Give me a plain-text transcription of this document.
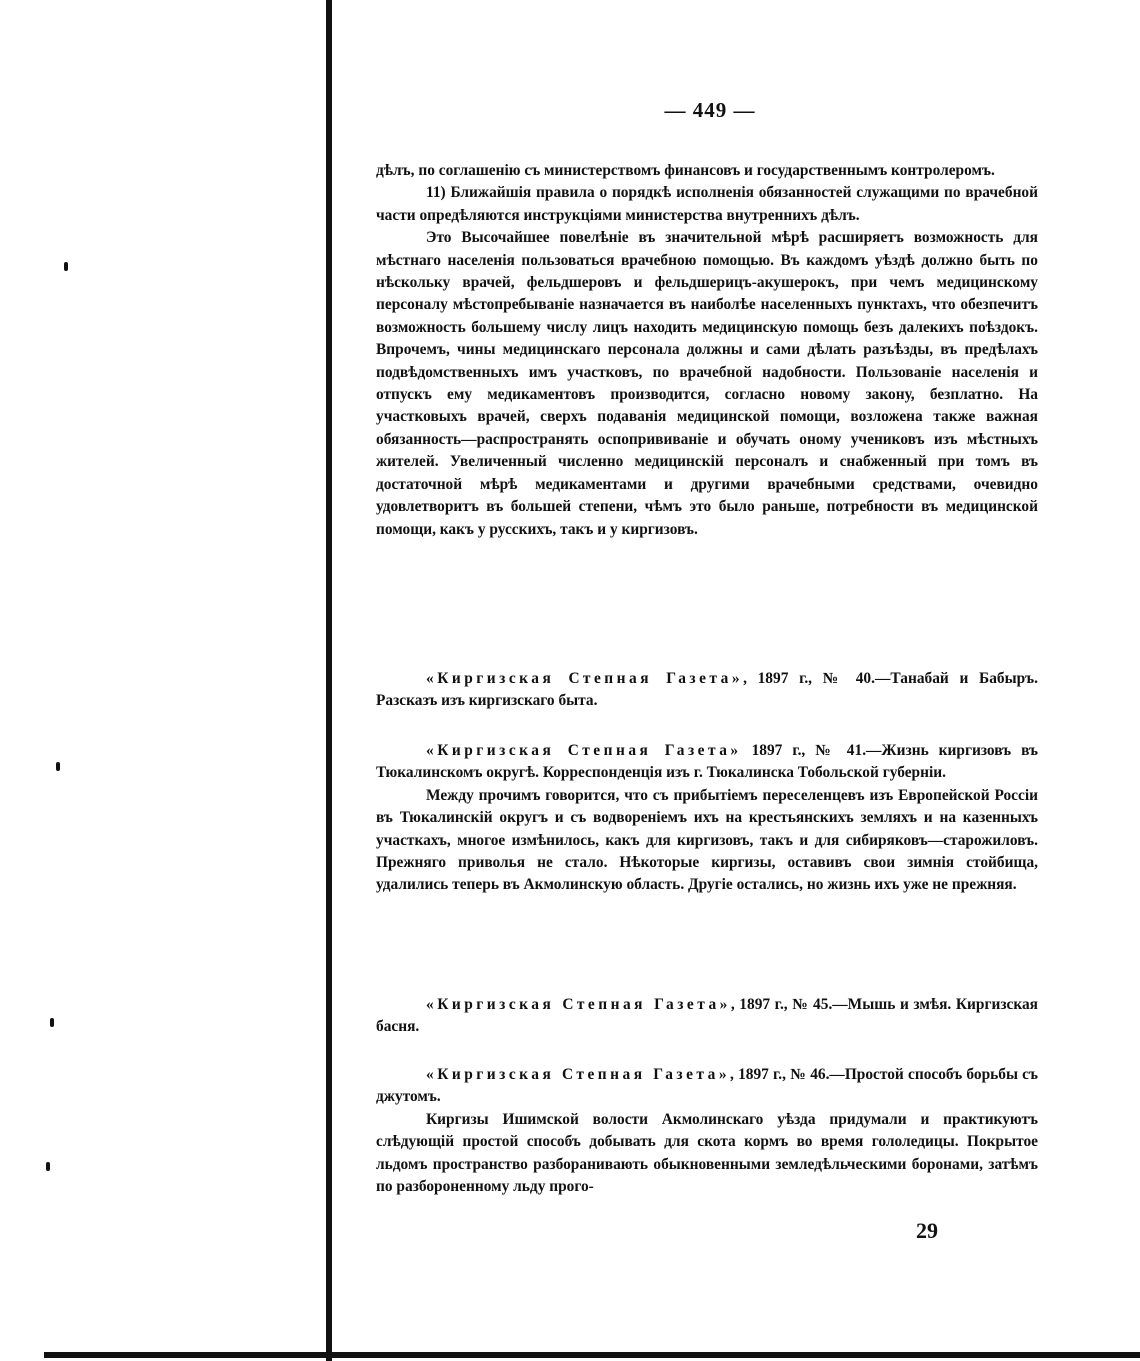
— 449 —

дѣлъ, по соглашенію съ министерствомъ финансовъ и государственнымъ контролеромъ.

11) Ближайшія правила о порядкѣ исполненія обязанностей служащими по врачебной части опредѣляются инструкціями министерства внутреннихъ дѣлъ.

Это Высочайшее повелѣніе въ значительной мѣрѣ расширяетъ возможность для мѣстнаго населенія пользоваться врачебною помощью. Въ каждомъ уѣздѣ должно быть по нѣскольку врачей, фельдшеровъ и фельдшерицъ-акушерокъ, при чемъ медицинскому персоналу мѣстопребываніе назначается въ наиболѣе населенныхъ пунктахъ, что обезпечитъ возможность большему числу лицъ находить медицинскую помощь безъ далекихъ поѣздокъ. Впрочемъ, чины медицинскаго персонала должны и сами дѣлать разъѣзды, въ предѣлахъ подвѣдомственныхъ имъ участковъ, по врачебной надобности. Пользованіе населенія и отпускъ ему медикаментовъ производится, согласно новому закону, безплатно. На участковыхъ врачей, сверхъ подаванія медицинской помощи, возложена также важная обязанность—распространять оспопрививаніе и обучать оному учениковъ изъ мѣстныхъ жителей. Увеличенный численно медицинскій персоналъ и снабженный при томъ въ достаточной мѣрѣ медикаментами и другими врачебными средствами, очевидно удовлетворитъ въ большей степени, чѣмъ это было раньше, потребности въ медицинской помощи, какъ у русскихъ, такъ и у киргизовъ.

«Киргизская Степная Газета», 1897 г., № 40.—Танабай и Бабыръ. Разсказъ изъ киргизскаго быта.

«Киргизская Степная Газета» 1897 г., № 41.—Жизнь киргизовъ въ Тюкалинскомъ округѣ. Корреспонденція изъ г. Тюкалинска Тобольской губерніи.

Между прочимъ говорится, что съ прибытіемъ переселенцевъ изъ Европейской Россіи въ Тюкалинскій округъ и съ водвореніемъ ихъ на крестьянскихъ земляхъ и на казенныхъ участкахъ, многое измѣнилось, какъ для киргизовъ, такъ и для сибиряковъ—старожиловъ. Прежняго приволья не стало. Нѣкоторые киргизы, оставивъ свои зимнія стойбища, удалились теперь въ Акмолинскую область. Другіе остались, но жизнь ихъ уже не прежняя.

«Киргизская Степная Газета», 1897 г., № 45.—Мышь и змѣя. Киргизская басня.

«Киргизская Степная Газета», 1897 г., № 46.—Простой способъ борьбы съ джутомъ.

Киргизы Ишимской волости Акмолинскаго уѣзда придумали и практикуютъ слѣдующій простой способъ добывать для скота кормъ во время гололедицы. Покрытое льдомъ пространство разборанивають обыкновенными земледѣльческими боронами, затѣмъ по разбороненному льду прого-

29
